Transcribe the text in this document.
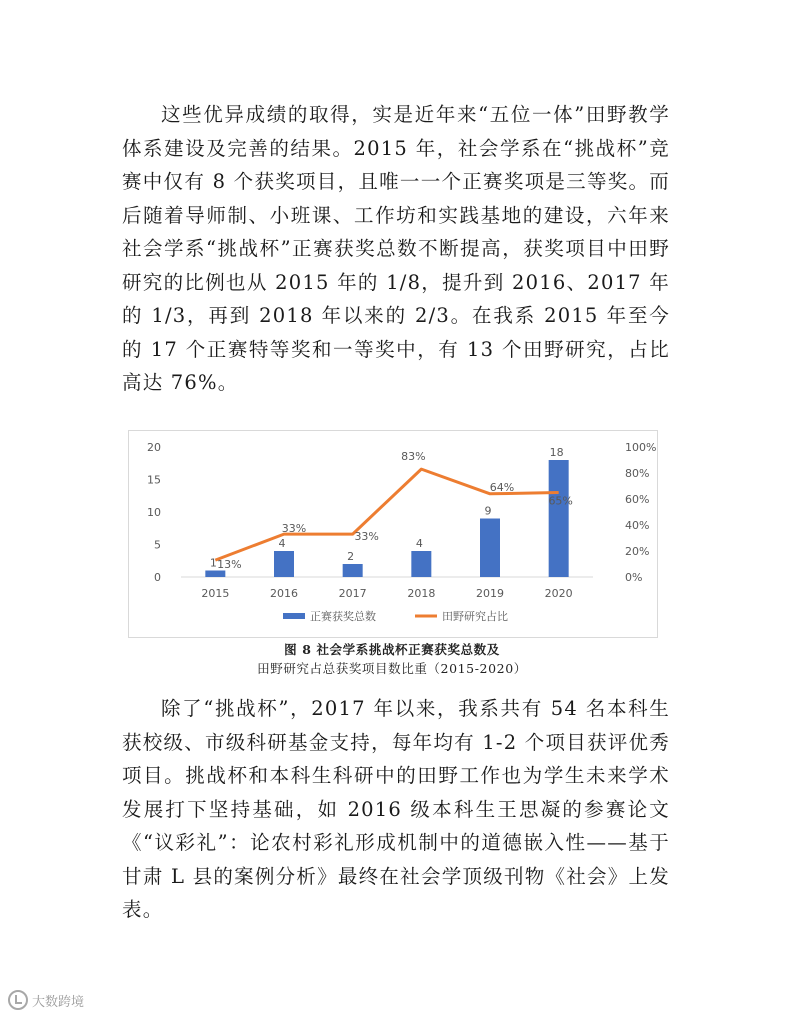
这些优异成绩的取得，实是近年来“五位一体”田野教学体系建设及完善的结果。2015 年，社会学系在“挑战杯”竞赛中仅有 8 个获奖项目，且唯一一个正赛奖项是三等奖。而后随着导师制、小班课、工作坊和实践基地的建设，六年来社会学系“挑战杯”正赛获奖总数不断提高，获奖项目中田野研究的比例也从 2015 年的 1/8，提升到 2016、2017 年的 1/3，再到 2018 年以来的 2/3。在我系 2015 年至今的 17 个正赛特等奖和一等奖中，有 13 个田野研究，占比高达 76%。

0
5
10
15
20
0%
20%
40%
60%
80%
100%
1
4
2
4
9
18
13%
33%
33%
83%
64%
65%
2015	2016	2017	2018	2019	2020
正赛获奖总数	田野研究占比
图 8 社会学系挑战杯正赛获奖总数及
田野研究占总获奖项目数比重（2015-2020）

除了“挑战杯”，2017 年以来，我系共有 54 名本科生获校级、市级科研基金支持，每年均有 1-2 个项目获评优秀项目。挑战杯和本科生科研中的田野工作也为学生未来学术发展打下坚持基础，如 2016 级本科生王思凝的参赛论文《“议彩礼”：论农村彩礼形成机制中的道德嵌入性——基于甘肃 L 县的案例分析》最终在社会学顶级刊物《社会》上发表。

大数跨境
